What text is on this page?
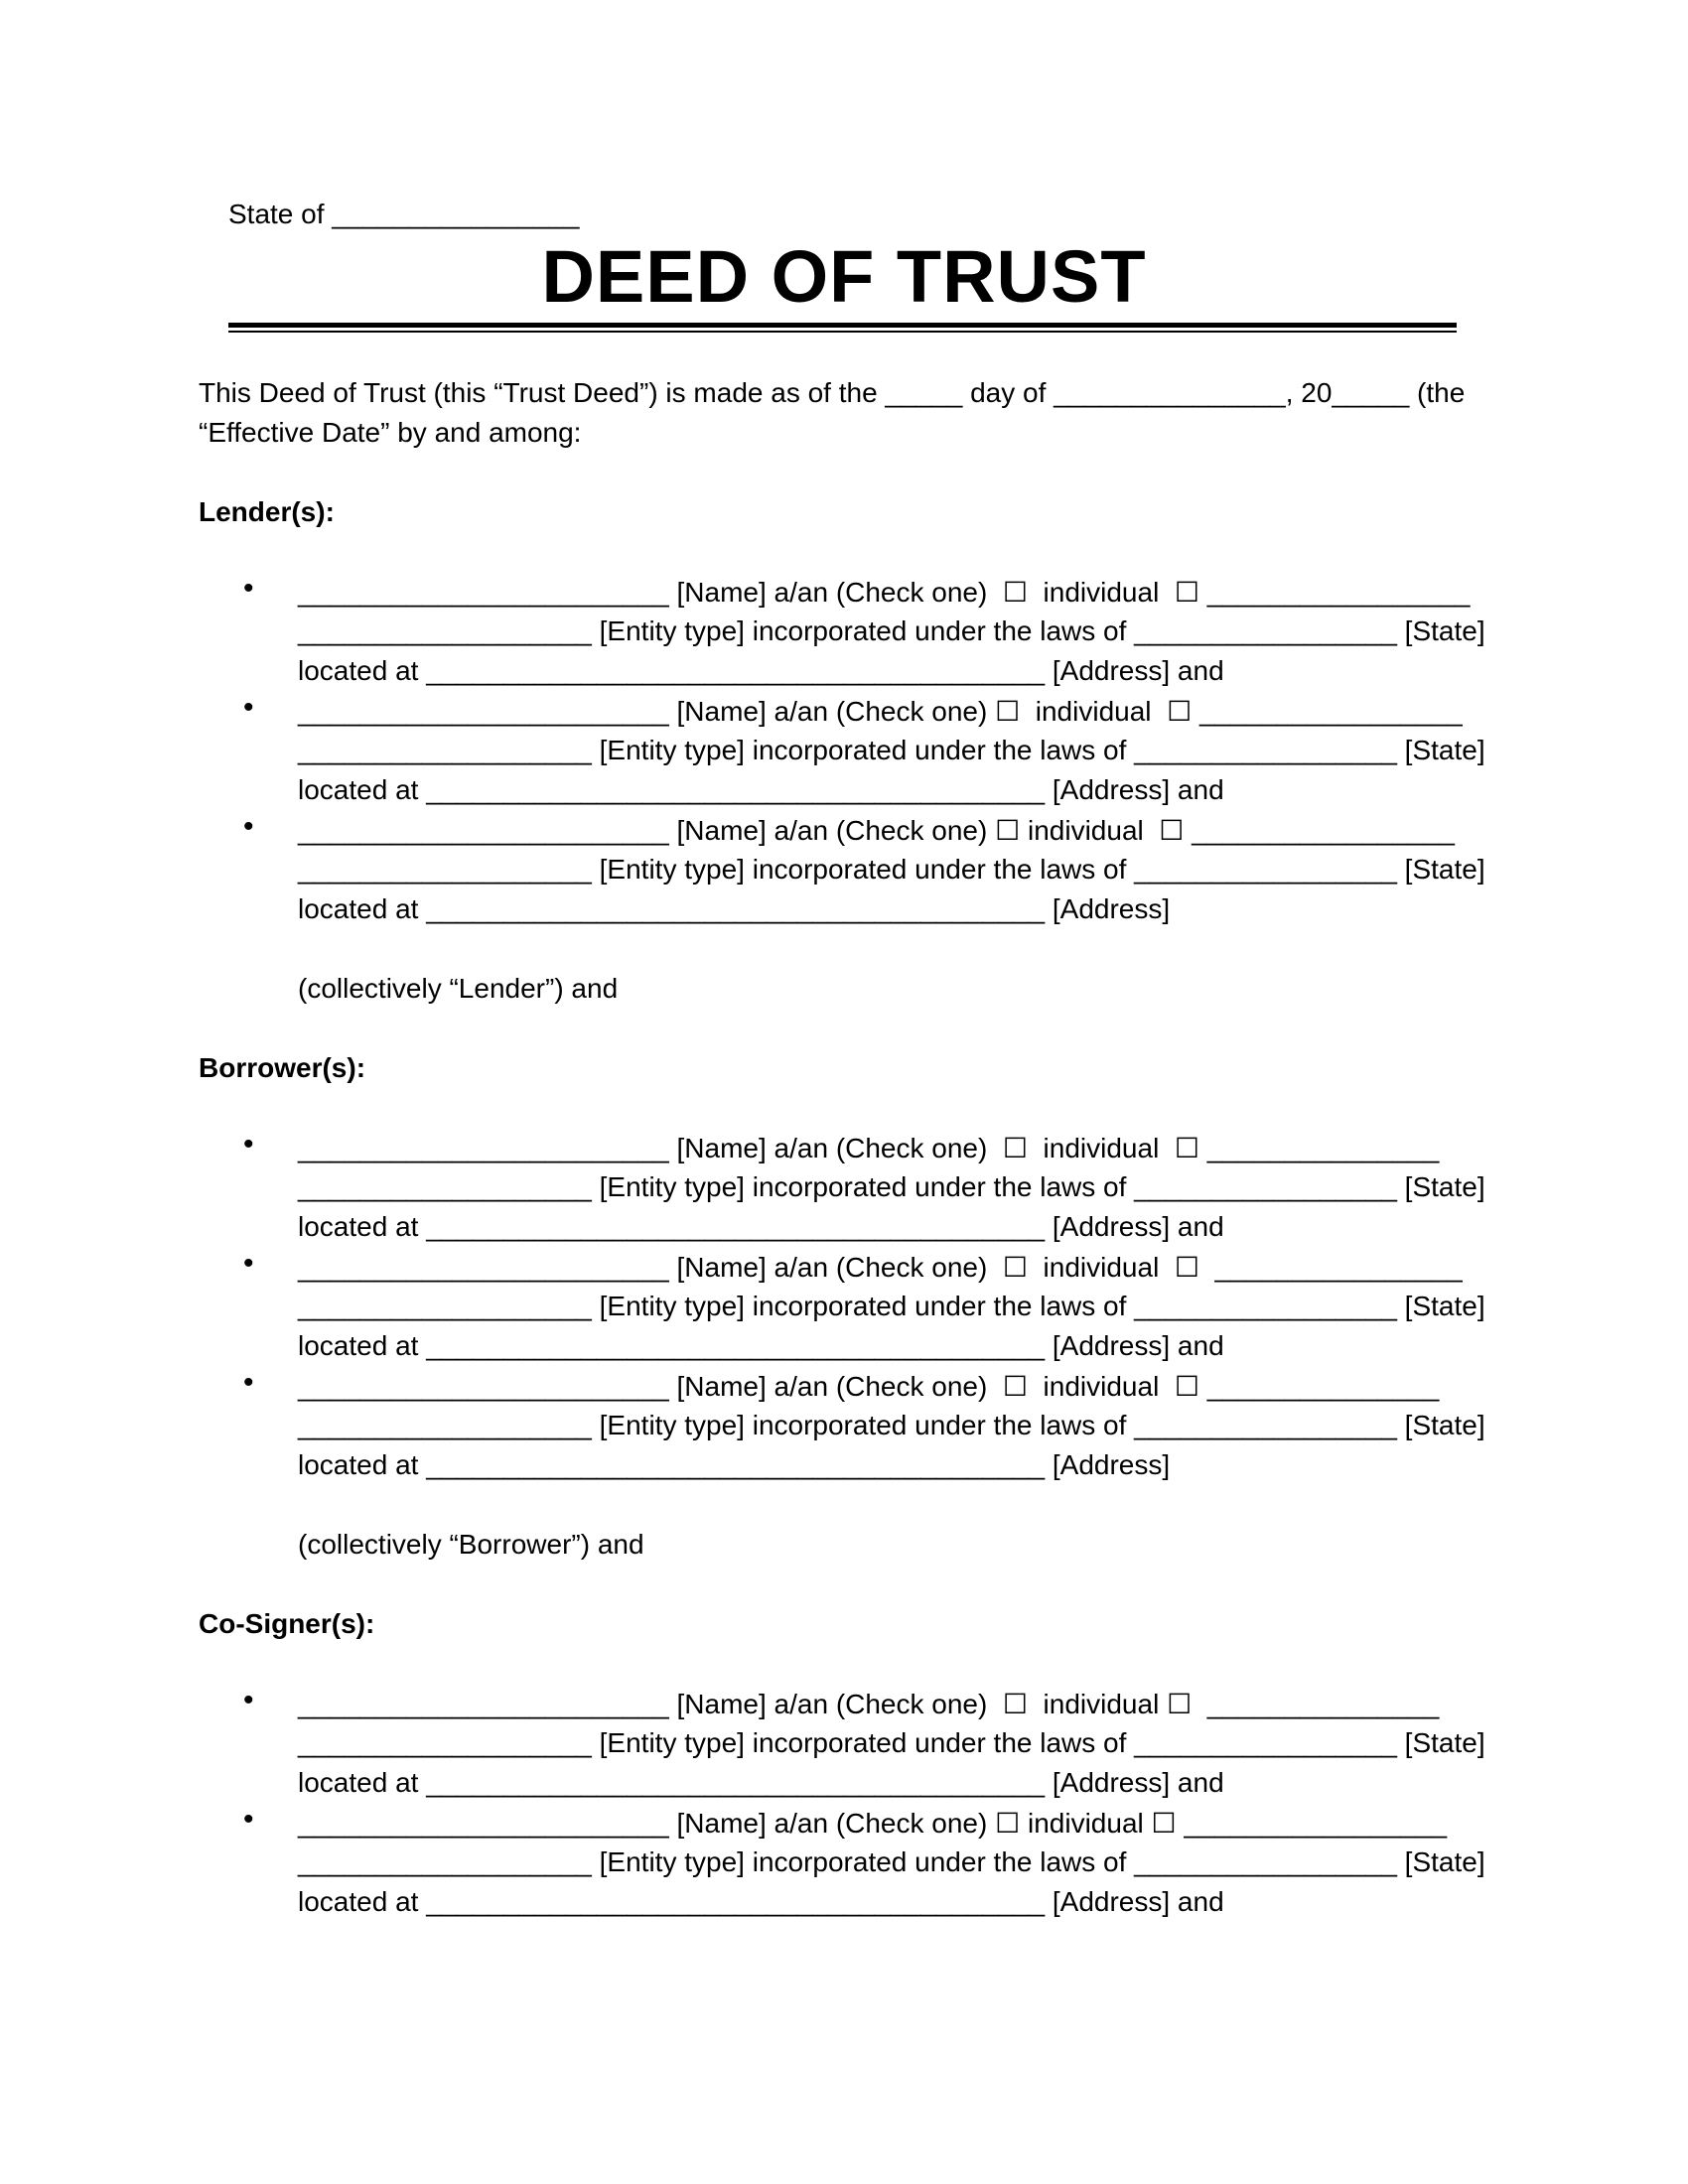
State of ________________
DEED OF TRUST
This Deed of Trust (this “Trust Deed”) is made as of the _____ day of _______________, 20_____ (the
“Effective Date” by and among:
Lender(s):
• ________________________ [Name] a/an (Check one)  ☐  individual  ☐ _________________
___________________ [Entity type] incorporated under the laws of _________________ [State]
located at ________________________________________ [Address] and
• ________________________ [Name] a/an (Check one) ☐  individual  ☐ _________________
___________________ [Entity type] incorporated under the laws of _________________ [State]
located at ________________________________________ [Address] and
• ________________________ [Name] a/an (Check one) ☐ individual  ☐ _________________
___________________ [Entity type] incorporated under the laws of _________________ [State]
located at ________________________________________ [Address]
(collectively “Lender”) and
Borrower(s):
• ________________________ [Name] a/an (Check one)  ☐  individual  ☐ _______________
___________________ [Entity type] incorporated under the laws of _________________ [State]
located at ________________________________________ [Address] and
• ________________________ [Name] a/an (Check one)  ☐  individual  ☐  ________________
___________________ [Entity type] incorporated under the laws of _________________ [State]
located at ________________________________________ [Address] and
• ________________________ [Name] a/an (Check one)  ☐  individual  ☐ _______________
___________________ [Entity type] incorporated under the laws of _________________ [State]
located at ________________________________________ [Address]
(collectively “Borrower”) and
Co-Signer(s):
• ________________________ [Name] a/an (Check one)  ☐  individual ☐  _______________
___________________ [Entity type] incorporated under the laws of _________________ [State]
located at ________________________________________ [Address] and
• ________________________ [Name] a/an (Check one) ☐ individual ☐ _________________
___________________ [Entity type] incorporated under the laws of _________________ [State]
located at ________________________________________ [Address] and
